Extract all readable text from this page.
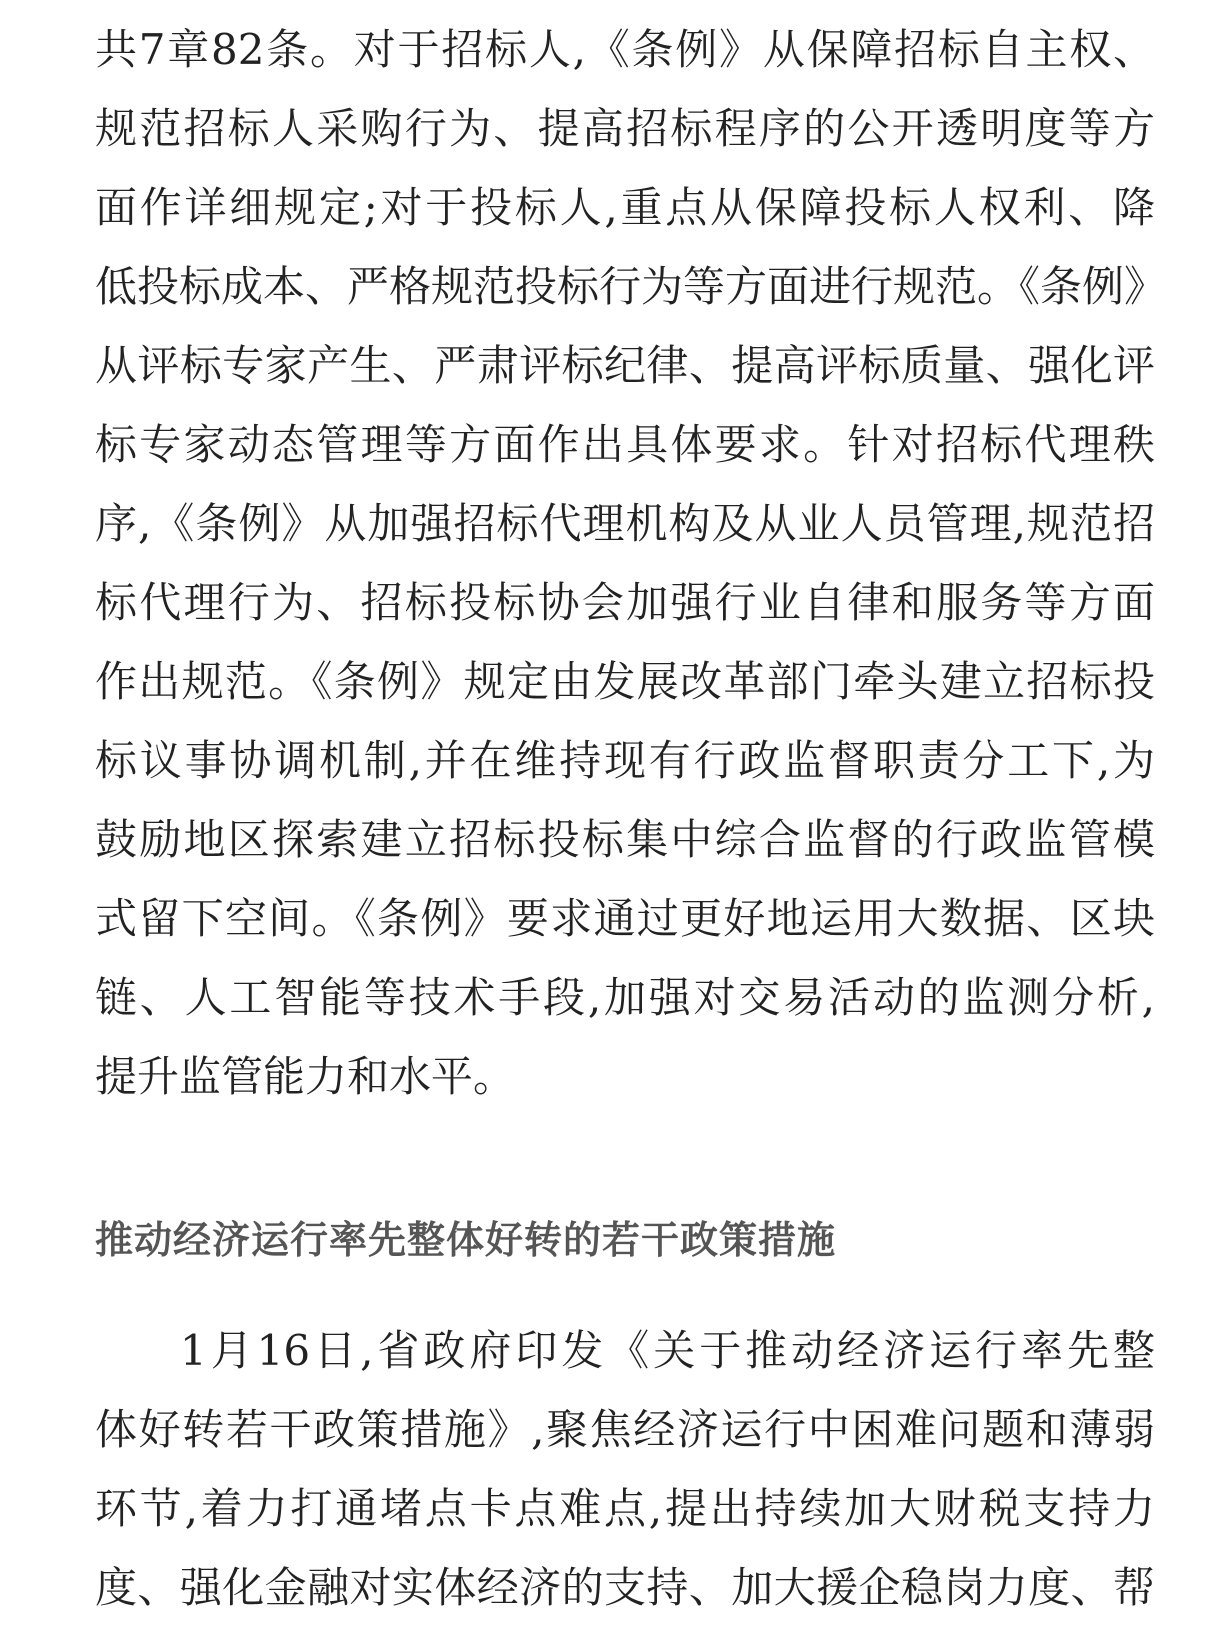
共7章82条。对于招标人,《条例》从保障招标自主权、

规范招标人采购行为、提高招标程序的公开透明度等方

面作详细规定;对于投标人,重点从保障投标人权利、降

低投标成本、严格规范投标行为等方面进行规范。《条例》

从评标专家产生、严肃评标纪律、提高评标质量、强化评

标专家动态管理等方面作出具体要求。针对招标代理秩

序,《条例》从加强招标代理机构及从业人员管理,规范招

标代理行为、招标投标协会加强行业自律和服务等方面

作出规范。《条例》规定由发展改革部门牵头建立招标投

标议事协调机制,并在维持现有行政监督职责分工下,为

鼓励地区探索建立招标投标集中综合监督的行政监管模

式留下空间。《条例》要求通过更好地运用大数据、区块

链、人工智能等技术手段,加强对交易活动的监测分析,

提升监管能力和水平。

推动经济运行率先整体好转的若干政策措施

1月16日,省政府印发《关于推动经济运行率先整

体好转若干政策措施》,聚焦经济运行中困难问题和薄弱

环节,着力打通堵点卡点难点,提出持续加大财税支持力

度、强化金融对实体经济的支持、加大援企稳岗力度、帮
